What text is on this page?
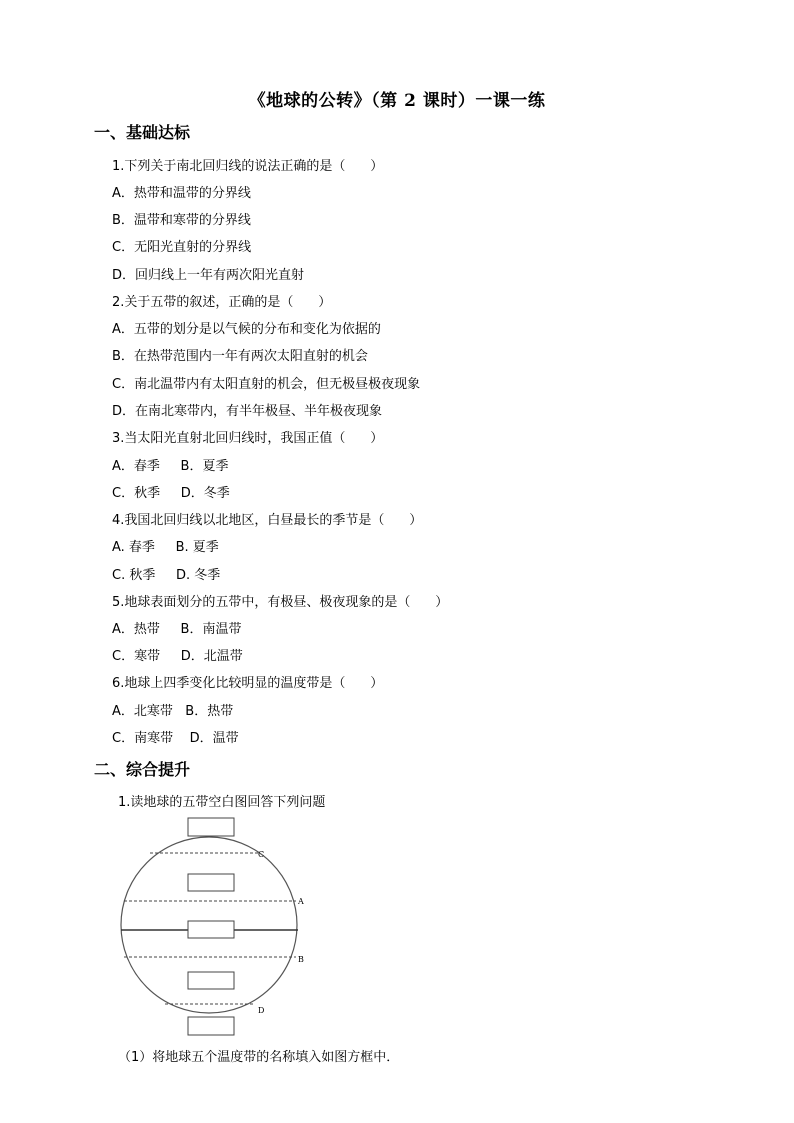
《地球的公转》（第 2 课时）一课一练
一、基础达标
1.下列关于南北回归线的说法正确的是（      ）
A．热带和温带的分界线
B．温带和寒带的分界线
C．无阳光直射的分界线
D．回归线上一年有两次阳光直射
2.关于五带的叙述，正确的是（      ）
A．五带的划分是以气候的分布和变化为依据的
B．在热带范围内一年有两次太阳直射的机会
C．南北温带内有太阳直射的机会，但无极昼极夜现象
D．在南北寒带内，有半年极昼、半年极夜现象
3.当太阳光直射北回归线时，我国正值（      ）
A．春季     B．夏季
C．秋季     D．冬季
4.我国北回归线以北地区，白昼最长的季节是（      ）
A. 春季     B. 夏季
C. 秋季     D. 冬季
5.地球表面划分的五带中，有极昼、极夜现象的是（      ）
A．热带     B．南温带
C．寒带     D．北温带
6.地球上四季变化比较明显的温度带是（      ）
A．北寒带   B．热带
C．南寒带    D．温带
二、综合提升
1.读地球的五带空白图回答下列问题
C
A
B
D
（1）将地球五个温度带的名称填入如图方框中．
